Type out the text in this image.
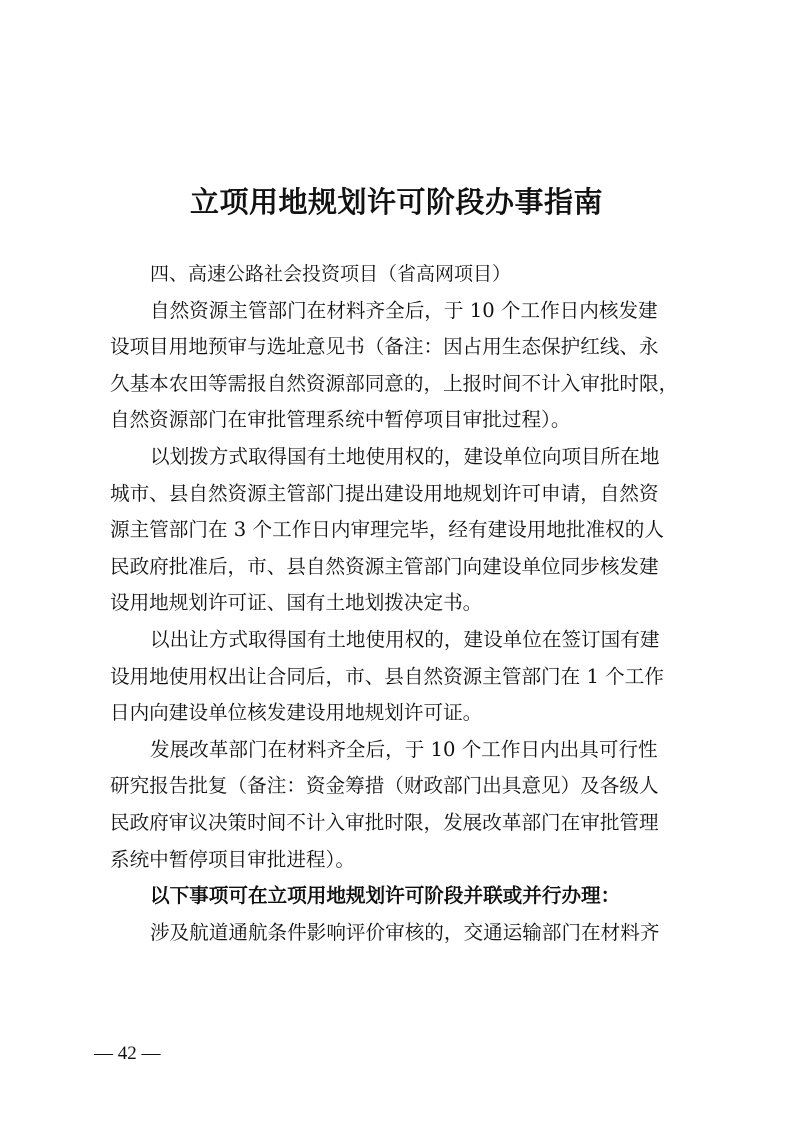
立项用地规划许可阶段办事指南
四、高速公路社会投资项目（省高网项目）
自然资源主管部门在材料齐全后，于 10 个工作日内核发建
设项目用地预审与选址意见书（备注：因占用生态保护红线、永
久基本农田等需报自然资源部同意的，上报时间不计入审批时限，
自然资源部门在审批管理系统中暂停项目审批过程）。
以划拨方式取得国有土地使用权的，建设单位向项目所在地
城市、县自然资源主管部门提出建设用地规划许可申请，自然资
源主管部门在 3 个工作日内审理完毕，经有建设用地批准权的人
民政府批准后，市、县自然资源主管部门向建设单位同步核发建
设用地规划许可证、国有土地划拨决定书。
以出让方式取得国有土地使用权的，建设单位在签订国有建
设用地使用权出让合同后，市、县自然资源主管部门在 1 个工作
日内向建设单位核发建设用地规划许可证。
发展改革部门在材料齐全后，于 10 个工作日内出具可行性
研究报告批复（备注：资金筹措（财政部门出具意见）及各级人
民政府审议决策时间不计入审批时限，发展改革部门在审批管理
系统中暂停项目审批进程）。
以下事项可在立项用地规划许可阶段并联或并行办理：
涉及航道通航条件影响评价审核的，交通运输部门在材料齐
— 42 —
